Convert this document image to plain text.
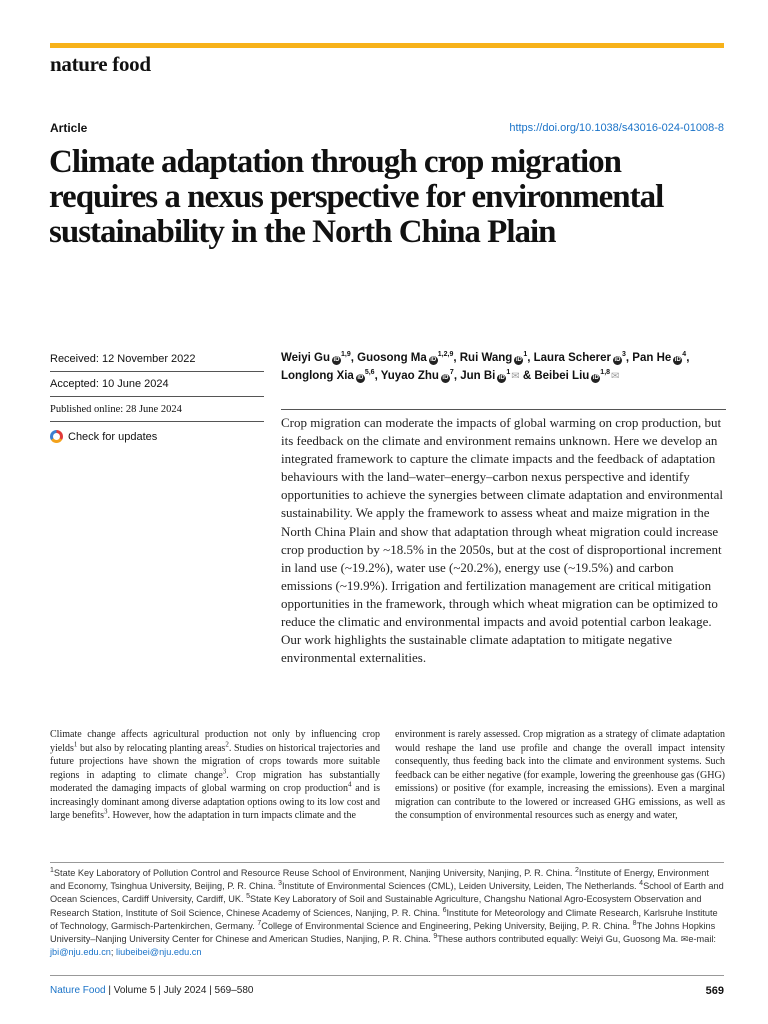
nature food
Article	https://doi.org/10.1038/s43016-024-01008-8
Climate adaptation through crop migration requires a nexus perspective for environmental sustainability in the North China Plain
Received: 12 November 2022
Accepted: 10 June 2024
Published online: 28 June 2024
Check for updates
Weiyi Gu iD$^{1,9}$, Guosong Ma iD$^{1,2,9}$, Rui Wang $iD^1$, Laura Scherer $iD^3$, Pan He $iD^4$, Longlong Xia iD$^{5,6}$, Yuyao Zhu $iD^7$, Jun Bi $iD^1✉$ & Beibei Liu iD$^{1,8}$✉

Crop migration can moderate the impacts of global warming on crop production, but its feedback on the climate and environment remains unknown. Here we develop an integrated framework to capture the climate impacts and the feedback of adaptation behaviours with the land–water–energy–carbon nexus perspective and identify opportunities to achieve the synergies between climate adaptation and environmental sustainability. We apply the framework to assess wheat and maize migration in the North China Plain and show that adaptation through wheat migration could increase crop production by ~18.5% in the 2050s, but at the cost of disproportional increment in land use (~19.2%), water use (~20.2%), energy use (~19.5%) and carbon emissions (~19.9%). Irrigation and fertilization management are critical mitigation opportunities in the framework, through which wheat migration can be optimized to reduce the climatic and environmental impacts and avoid potential carbon leakage. Our work highlights the sustainable climate adaptation to mitigate negative environmental externalities.

Climate change affects agricultural production not only by influencing crop yields$^1$ but also by relocating planting areas$^2$. Studies on historical trajectories and future projections have shown the migration of crops towards more suitable regions in adapting to climate change$^3$. Crop migration has substantially moderated the damaging impacts of global warming on crop production$^4$ and is increasingly dominant among diverse adaptation options owing to its low cost and large benefits$^3$. However, how the adaptation in turn impacts climate and the

environment is rarely assessed. Crop migration as a strategy of climate adaptation would reshape the land use profile and change the overall impact intensity consequently, thus feeding back into the climate and environment systems. Such feedback can be either negative (for example, lowering the greenhouse gas (GHG) emissions) or positive (for example, increasing the emissions). Even a marginal migration can contribute to the lowered or increased GHG emissions, as well as the consumption of environmental resources such as energy and water,

$^1$State Key Laboratory of Pollution Control and Resource Reuse School of Environment, Nanjing University, Nanjing, P. R. China. $^2$Institute of Energy, Environment and Economy, Tsinghua University, Beijing, P. R. China. $^3$Institute of Environmental Sciences (CML), Leiden University, Leiden, The Netherlands. $^4$School of Earth and Ocean Sciences, Cardiff University, Cardiff, UK. $^5$State Key Laboratory of Soil and Sustainable Agriculture, Changshu National Agro-Ecosystem Observation and Research Station, Institute of Soil Science, Chinese Academy of Sciences, Nanjing, P. R. China. $^6$Institute for Meteorology and Climate Research, Karlsruhe Institute of Technology, Garmisch-Partenkirchen, Germany. $^7$College of Environmental Science and Engineering, Peking University, Beijing, P. R. China. $^8$The Johns Hopkins University–Nanjing University Center for Chinese and American Studies, Nanjing, P. R. China. $^9$These authors contributed equally: Weiyi Gu, Guosong Ma. ✉e-mail: jbi@nju.edu.cn; liubeibei@nju.edu.cn

Nature Food | Volume 5 | July 2024 | 569–580	569
